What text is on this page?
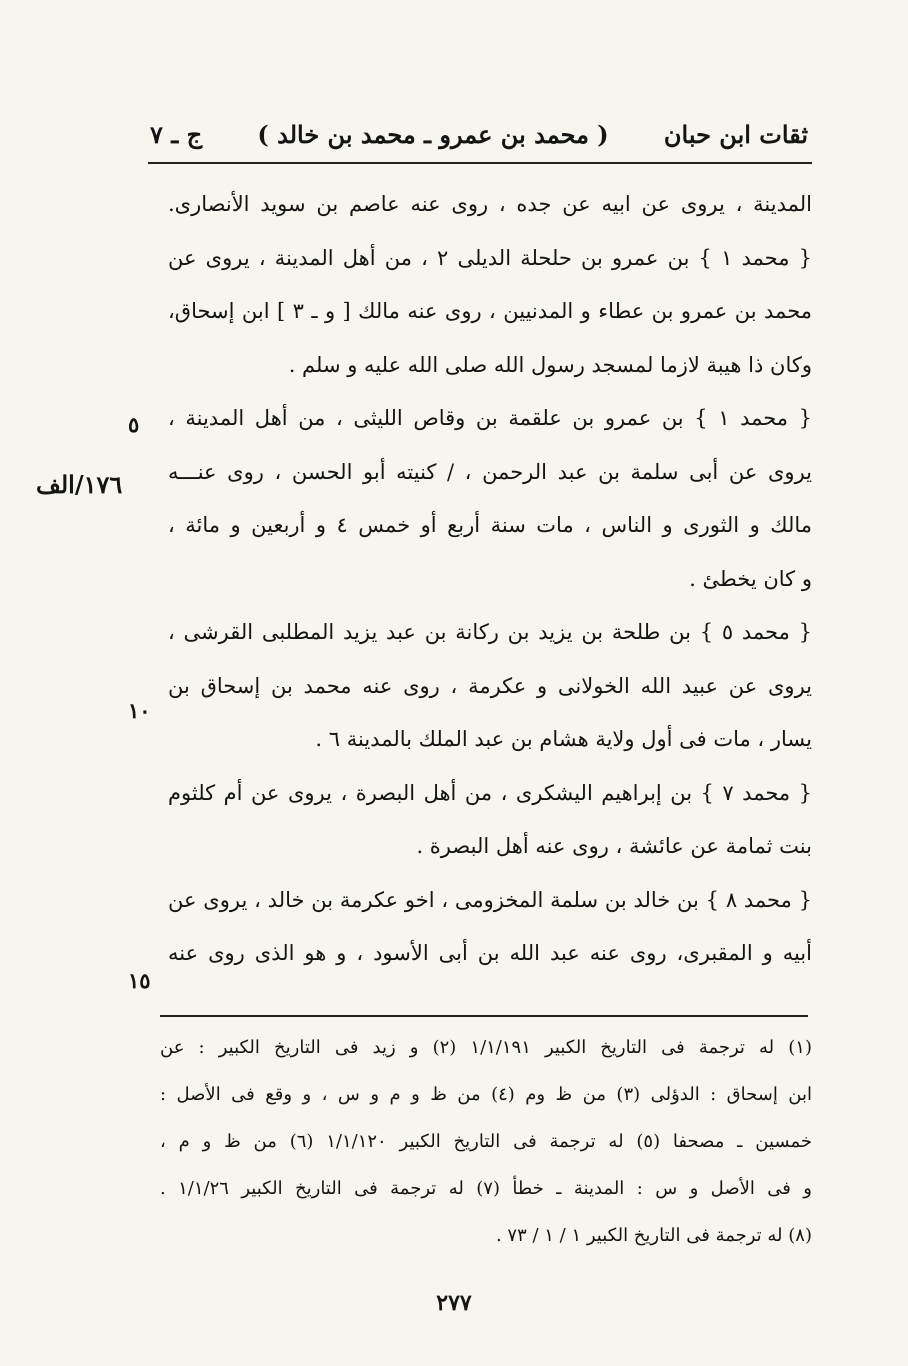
ثقات ابن حبان
( محمد بن عمرو ـ محمد بن خالد )
ج ـ ٧
المدينة ، يروى عن ابيه عن جده ، روى عنه عاصم بن سويد الأنصارى.
{ محمد ١ } بن عمرو بن حلحلة الديلى ٢ ، من أهل المدينة ، يروى عن
محمد بن عمرو بن عطاء و المدنيين ، روى عنه مالك [ و ـ ٣ ] ابن إسحاق،
وكان ذا هيبة لازما لمسجد رسول الله صلى الله عليه و سلم .
{ محمد ١ } بن عمرو بن علقمة بن وقاص الليثى ، من أهل المدينة ،
يروى عن أبى سلمة بن عبد الرحمن ، / كنيته أبو الحسن ، روى عنـــه
مالك و الثورى و الناس ، مات سنة أربع أو خمس ٤ و أربعين و مائة ،
و كان يخطئ .
{ محمد ٥ } بن طلحة بن يزيد بن ركانة بن عبد يزيد المطلبى القرشى ،
يروى عن عبيد الله الخولانى و عكرمة ، روى عنه محمد بن إسحاق بن
يسار ، مات فى أول ولاية هشام بن عبد الملك بالمدينة ٦ .
{ محمد ٧ } بن إبراهيم اليشكرى ، من أهل البصرة ، يروى عن أم كلثوم
بنت ثمامة عن عائشة ، روى عنه أهل البصرة .
{ محمد ٨ } بن خالد بن سلمة المخزومى ، اخو عكرمة بن خالد ، يروى عن
أبيه و المقبرى، روى عنه عبد الله بن أبى الأسود ، و هو الذى روى عنه
٥
١٧٦/الف
١٠
١٥
(١) له ترجمة فى التاريخ الكبير ١/١/١٩١ (٢) و زيد فى التاريخ الكبير : عن
ابن إسحاق : الدؤلى (٣) من ظ وم (٤) من ظ و م و س ، و وقع فى الأصل :
خمسين ـ مصحفا (٥) له ترجمة فى التاريخ الكبير ١/١/١٢٠ (٦) من ظ و م ،
و فى الأصل و س : المدينة ـ خطأ (٧) له ترجمة فى التاريخ الكبير ١/١/٢٦ .
(٨) له ترجمة فى التاريخ الكبير ١ / ١ / ٧٣ .
٢٧٧
